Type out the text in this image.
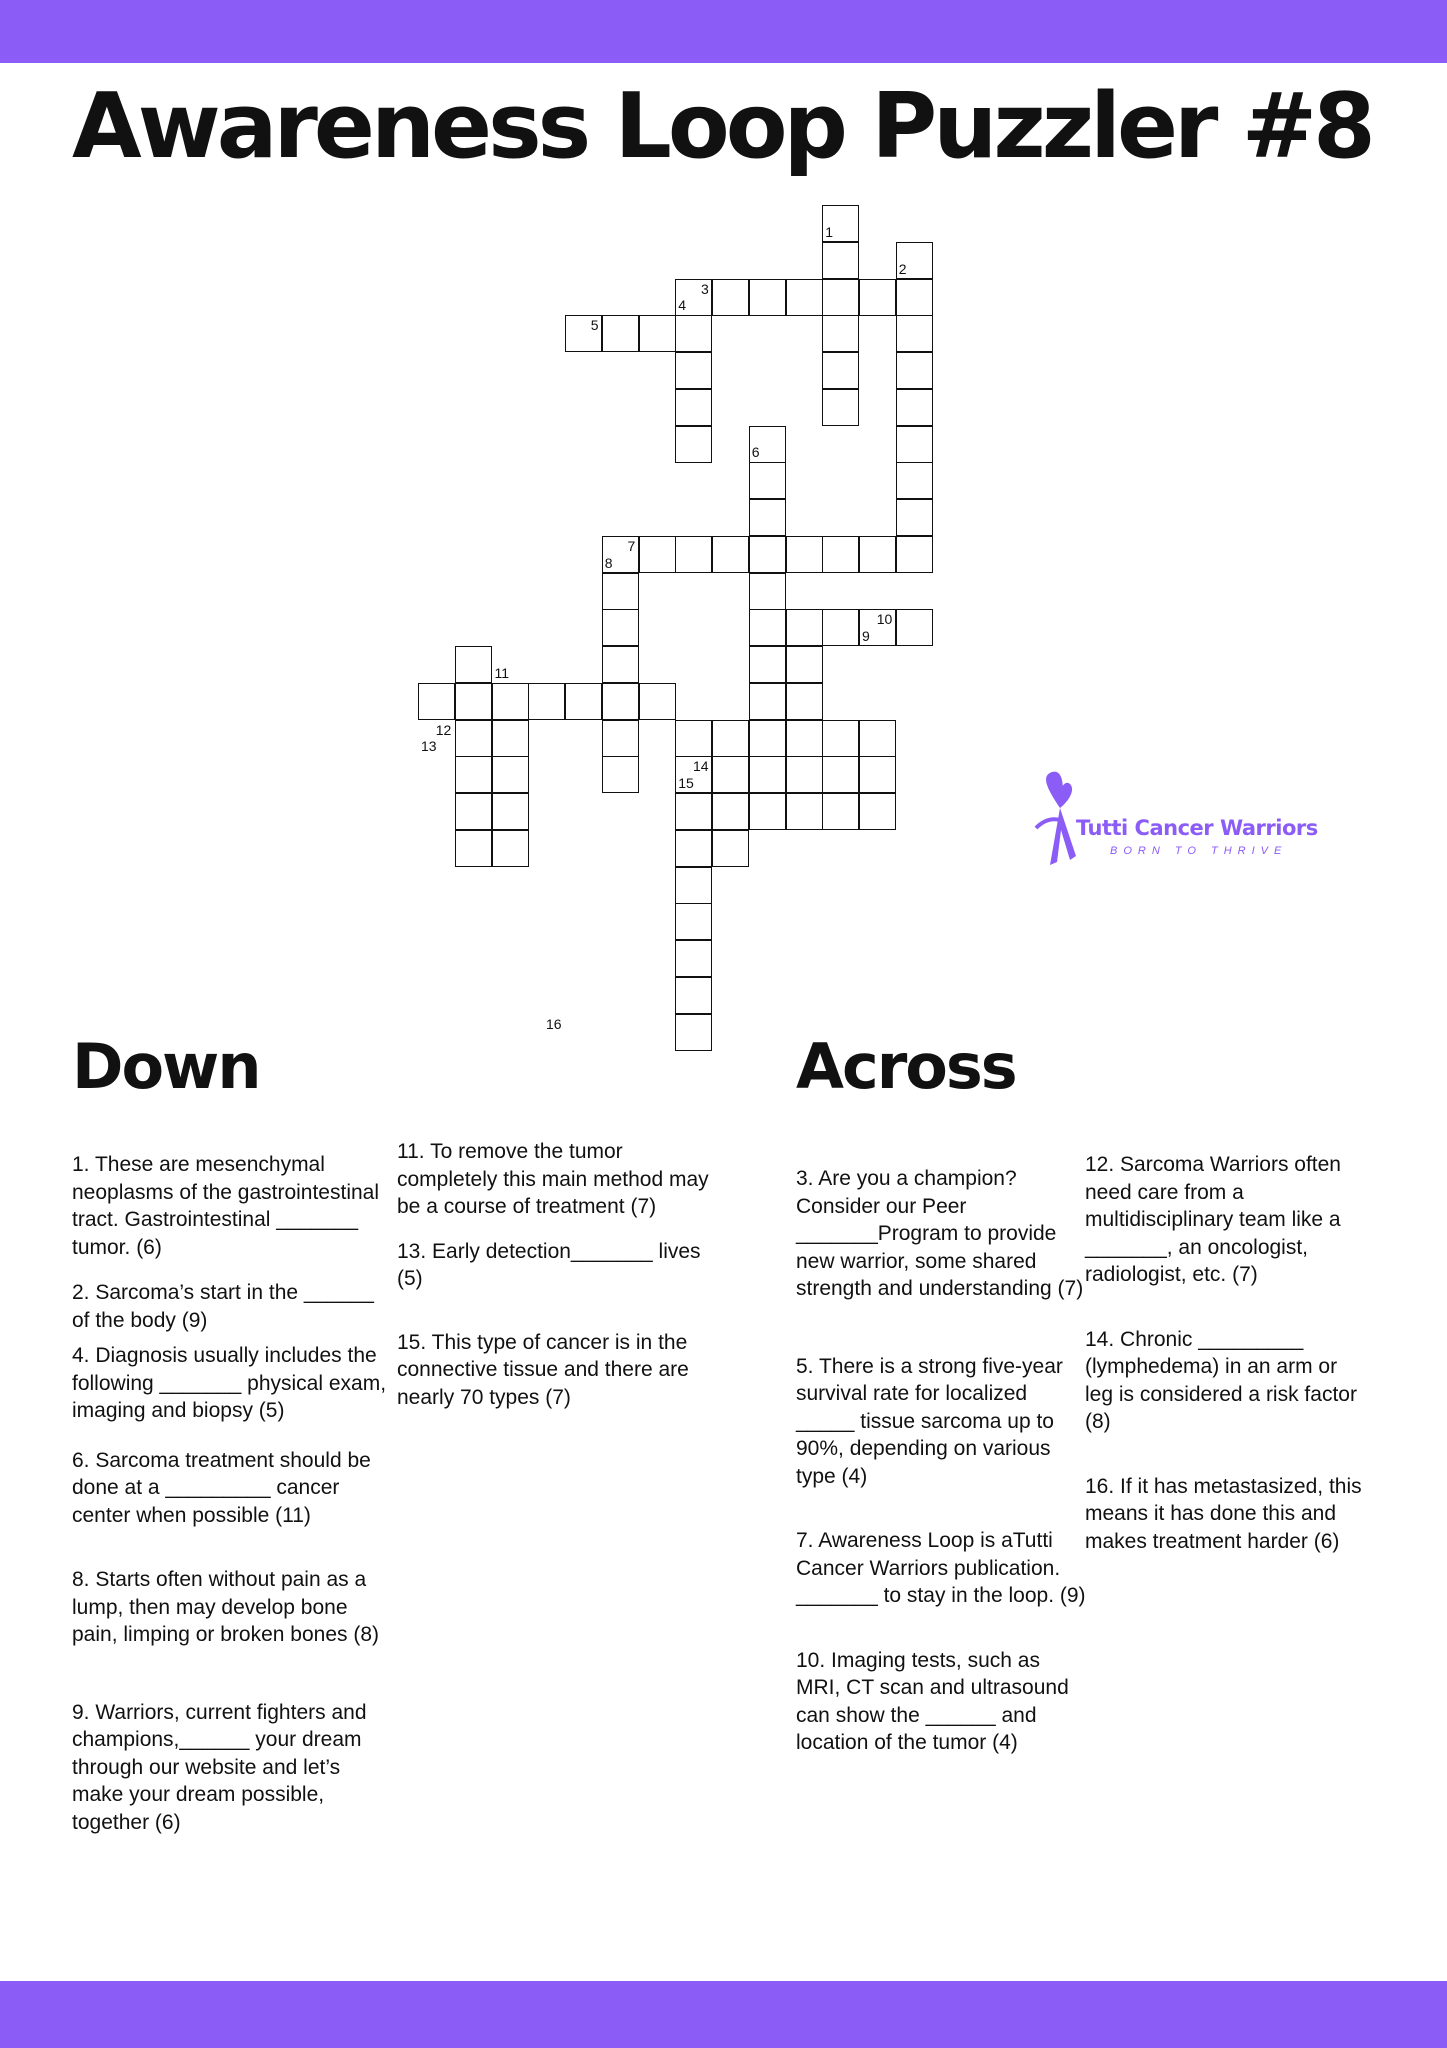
Awareness Loop Puzzler #8
1
2
3
4
5
6
7
8
10
9
11
12
13
14
15
16
Tutti Cancer Warriors
BORN TO THRIVE
Down	Across

1. These are mesenchymal neoplasms of the gastrointestinal tract. Gastrointestinal _______ tumor. (6)

2. Sarcoma’s start in the ______ of the body (9)

4. Diagnosis usually includes the following _______ physical exam, imaging and biopsy (5)

6. Sarcoma treatment should be done at a _________ cancer center when possible (11)

8. Starts often without pain as a lump, then may develop bone pain, limping or broken bones (8)

9. Warriors, current fighters and champions,______ your dream through our website and let’s make your dream possible, together (6)

11. To remove the tumor completely this main method may be a course of treatment (7)

13. Early detection_______ lives (5)

15. This type of cancer is in the connective tissue and there are nearly 70 types (7)

3. Are you a champion? Consider our Peer _______Program to provide new warrior, some shared strength and understanding (7)

5. There is a strong five-year survival rate for localized _____ tissue sarcoma up to 90%, depending on various type (4)

7. Awareness Loop is aTutti Cancer Warriors publication. _______ to stay in the loop. (9)

10. Imaging tests, such as MRI, CT scan and ultrasound can show the ______ and location of the tumor (4)

12. Sarcoma Warriors often need care from a multidisciplinary team like a _______, an oncologist, radiologist, etc. (7)

14. Chronic _________ (lymphedema) in an arm or leg is considered a risk factor (8)

16. If it has metastasized, this means it has done this and makes treatment harder (6)
